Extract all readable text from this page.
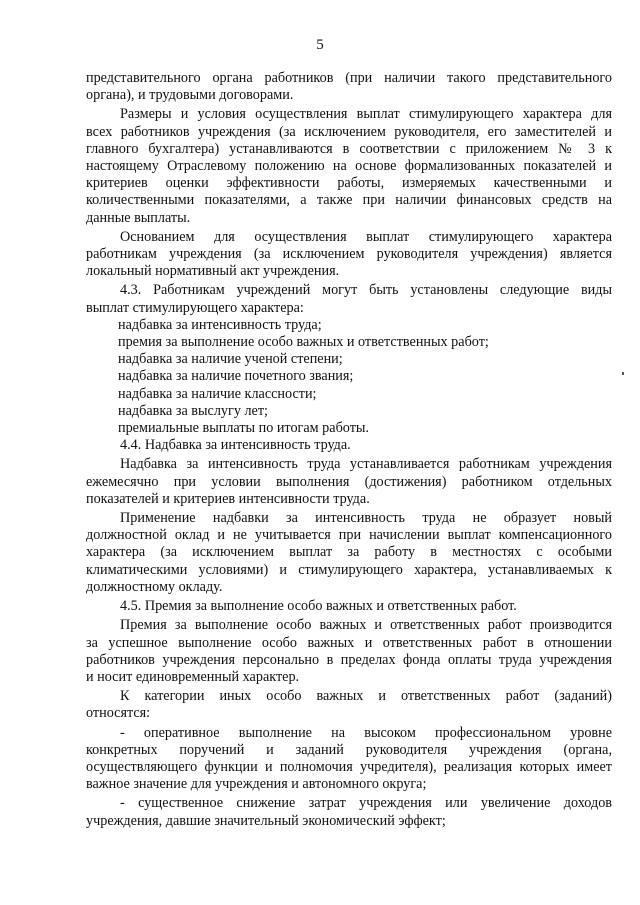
5

представительного органа работников (при наличии такого представительного

органа), и трудовыми договорами.

Размеры и условия осуществления выплат стимулирующего характера для

всех работников учреждения (за исключением руководителя, его заместителей и

главного бухгалтера) устанавливаются в соответствии с приложением № 3 к

настоящему Отраслевому положению на основе формализованных показателей и

критериев оценки эффективности работы, измеряемых качественными и

количественными показателями, а также при наличии финансовых средств на

данные выплаты.

Основанием для осуществления выплат стимулирующего характера

работникам учреждения (за исключением руководителя учреждения) является

локальный нормативный акт учреждения.

4.3. Работникам учреждений могут быть установлены следующие виды

выплат стимулирующего характера:

надбавка за интенсивность труда;

премия за выполнение особо важных и ответственных работ;

надбавка за наличие ученой степени;

надбавка за наличие почетного звания;

надбавка за наличие классности;

надбавка за выслугу лет;

премиальные выплаты по итогам работы.

4.4. Надбавка за интенсивность труда.

Надбавка за интенсивность труда устанавливается работникам учреждения

ежемесячно при условии выполнения (достижения) работником отдельных

показателей и критериев интенсивности труда.

Применение надбавки за интенсивность труда не образует новый

должностной оклад и не учитывается при начислении выплат компенсационного

характера (за исключением выплат за работу в местностях с особыми

климатическими условиями) и стимулирующего характера, устанавливаемых к

должностному окладу.

4.5. Премия за выполнение особо важных и ответственных работ.

Премия за выполнение особо важных и ответственных работ производится

за успешное выполнение особо важных и ответственных работ в отношении

работников учреждения персонально в пределах фонда оплаты труда учреждения

и носит единовременный характер.

К категории иных особо важных и ответственных работ (заданий)

относятся:

- оперативное выполнение на высоком профессиональном уровне

конкретных поручений и заданий руководителя учреждения (органа,

осуществляющего функции и полномочия учредителя), реализация которых имеет

важное значение для учреждения и автономного округа;

- существенное снижение затрат учреждения или увеличение доходов

учреждения, давшие значительный экономический эффект;
